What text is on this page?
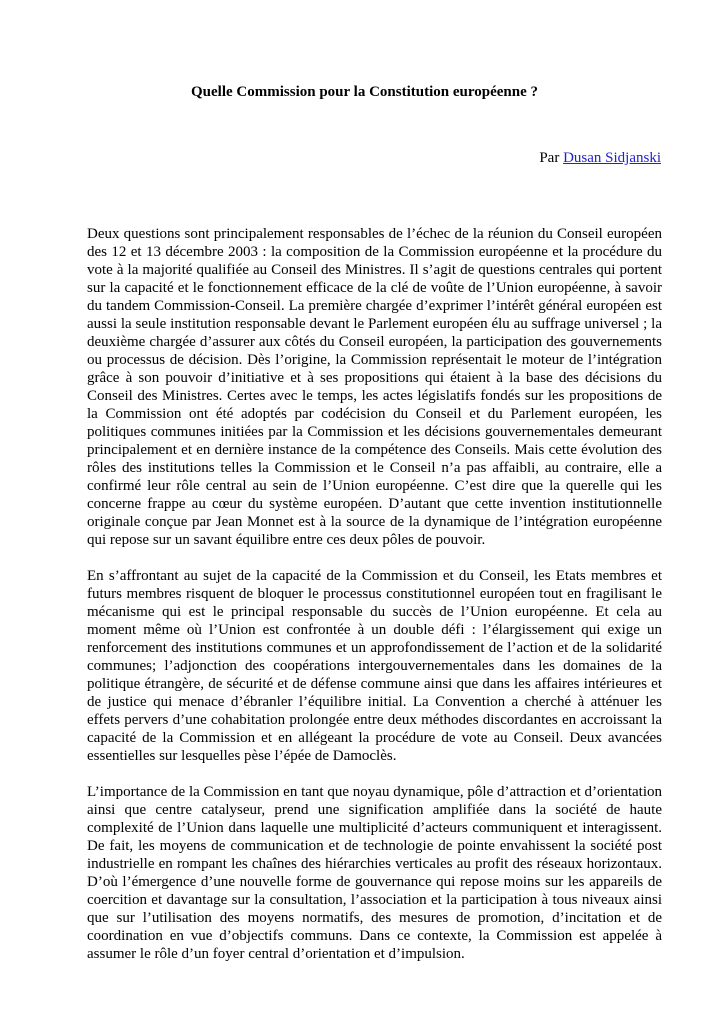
Quelle Commission pour la Constitution européenne ?
Par Dusan Sidjanski

Deux questions sont principalement responsables de l’échec de la réunion du Conseil européen des 12 et 13 décembre 2003 : la composition de la Commission européenne et la procédure du vote à la majorité qualifiée au Conseil des Ministres. Il s’agit de questions centrales qui portent sur la capacité et le fonctionnement efficace de la clé de voûte de l’Union européenne, à savoir du tandem Commission-Conseil. La première chargée d’exprimer l’intérêt général européen est aussi la seule institution responsable devant le Parlement européen élu au suffrage universel ; la deuxième chargée d’assurer aux côtés du Conseil européen, la participation des gouvernements ou processus de décision. Dès l’origine, la Commission représentait le moteur de l’intégration grâce à son pouvoir d’initiative et à ses propositions qui étaient à la base des décisions du Conseil des Ministres. Certes avec le temps, les actes législatifs fondés sur les propositions de la Commission ont été adoptés par codécision du Conseil et du Parlement européen, les politiques communes initiées par la Commission et les décisions gouvernementales demeurant principalement et en dernière instance de la compétence des Conseils. Mais cette évolution des rôles des institutions telles la Commission et le Conseil n’a pas affaibli, au contraire, elle a confirmé leur rôle central au sein de l’Union européenne. C’est dire que la querelle qui les concerne frappe au cœur du système européen. D’autant que cette invention institutionnelle originale conçue par Jean Monnet est à la source de la dynamique de l’intégration européenne qui repose sur un savant équilibre entre ces deux pôles de pouvoir.

En s’affrontant au sujet de la capacité de la Commission et du Conseil, les Etats membres et futurs membres risquent de bloquer le processus constitutionnel européen tout en fragilisant le mécanisme qui est le principal responsable du succès de l’Union européenne. Et cela au moment même où l’Union est confrontée à un double défi : l’élargissement qui exige un renforcement des institutions communes et un approfondissement de l’action et de la solidarité communes; l’adjonction des coopérations intergouvernementales dans les domaines de la politique étrangère, de sécurité et de défense commune ainsi que dans les affaires intérieures et de justice qui menace d’ébranler l’équilibre initial. La Convention a cherché à atténuer les effets pervers d’une cohabitation prolongée entre deux méthodes discordantes en accroissant la capacité de la Commission et en allégeant la procédure de vote au Conseil. Deux avancées essentielles sur lesquelles pèse l’épée de Damoclès.

L’importance de la Commission en tant que noyau dynamique, pôle d’attraction et d’orientation ainsi que centre catalyseur, prend une signification amplifiée dans la société de haute complexité de l’Union dans laquelle une multiplicité d’acteurs communiquent et interagissent. De fait, les moyens de communication et de technologie de pointe envahissent la société post industrielle en rompant les chaînes des hiérarchies verticales au profit des réseaux horizontaux. D’où l’émergence d’une nouvelle forme de gouvernance qui repose moins sur les appareils de coercition et davantage sur la consultation, l’association et la participation à tous niveaux ainsi que sur l’utilisation des moyens normatifs, des mesures de promotion, d’incitation et de coordination en vue d’objectifs communs. Dans ce contexte, la Commission est appelée à assumer le rôle d’un foyer central d’orientation et d’impulsion.
